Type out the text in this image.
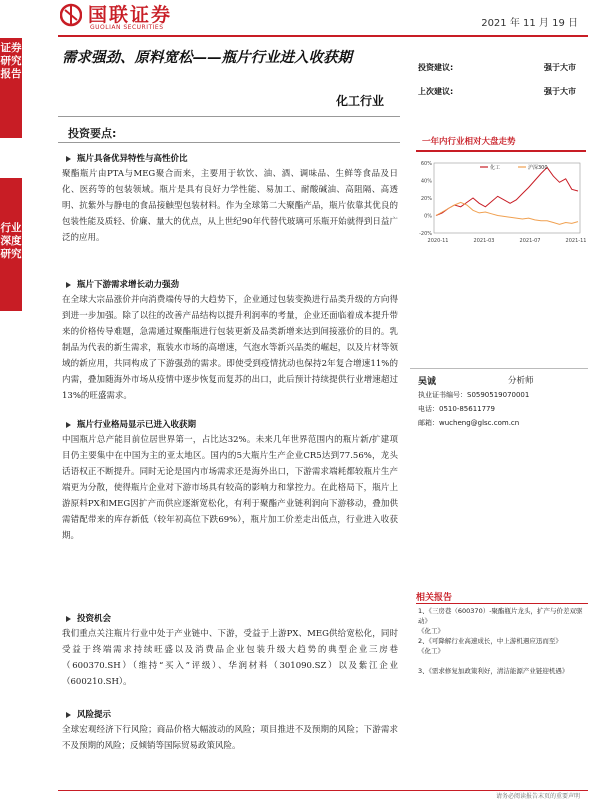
国联证券
GUOLIAN SECURITIES	2021 年 11 月 19 日
证券研究报告
行业深度研究
需求强劲、原料宽松——瓶片行业进入收获期
化工行业
投资建议:	强于大市
上次建议:	强于大市
投资要点:
瓶片具备优异特性与高性价比
聚酯瓶片由PTA与MEG聚合而来，主要用于软饮、油、酒、调味品、生鲜等食品及日化、医药等的包装领域。瓶片是具有良好力学性能、易加工、耐酸碱油、高阻隔、高透明、抗紫外与静电的食品接触型包装材料。作为全球第二大聚酯产品，瓶片依靠其优良的包装性能及质轻、价廉、量大的优点，从上世纪90年代替代玻璃可乐瓶开始就得到日益广泛的应用。
瓶片下游需求增长动力强劲
在全球大宗品涨价并向消费端传导的大趋势下，企业通过包装变换进行品类升级的方向得到进一步加强。除了以往的改善产品结构以提升利润率的考量，企业还面临着成本提升带来的价格传导难题，急需通过聚酯瓶进行包装更新及品类新增来达到间接涨价的目的。乳制品为代表的新生需求，瓶装水市场的高增速，气泡水等新兴品类的崛起，以及片材等领域的新应用，共同构成了下游强劲的需求。即使受到疫情扰动也保持2年复合增速11%的内需，叠加随海外市场从疫情中逐步恢复而复苏的出口，此后预计持续提供行业增速超过13%的旺盛需求。
瓶片行业格局显示已进入收获期
中国瓶片总产能目前位居世界第一，占比达32%。未来几年世界范围内的瓶片新/扩建项目仍主要集中在中国为主的亚太地区。国内的5大瓶片生产企业CR5达到77.56%，龙头话语权正不断提升。同时无论是国内市场需求还是海外出口，下游需求端耗都较瓶片生产端更为分散，使得瓶片企业对下游市场具有较高的影响力和掌控力。在此格局下，瓶片上游原料PX和MEG因扩产而供应逐渐宽松化，有利于聚酯产业链利润向下游移动，叠加供需错配带来的库存新低（较年初高位下跌69%），瓶片加工价差走出低点，行业进入收获期。
投资机会
我们重点关注瓶片行业中处于产业链中、下游，受益于上游PX、MEG供给宽松化，同时受益于终端需求持续旺盛以及消费品企业包装升级大趋势的典型企业三房巷（600370.SH）（维持“买入”评级）、华润材料（301090.SZ）以及紫江企业（600210.SH）。
风险提示
全球宏观经济下行风险；商品价格大幅波动的风险；项目推进不及预期的风险；下游需求不及预期的风险；反倾销等国际贸易政策风险。
一年内行业相对大盘走势
60%
40%
20%
0%
-20%
2020-11	2021-03	2021-07	2021-11
化工	沪深300
吴诚	分析师
执业证书编号：S0590519070001
电话：0510-85611779
邮箱：wucheng@glsc.com.cn
相关报告
1、《三房巷（600370）-聚酯瓶片龙头，扩产与价差双驱动》
《化工》
2、《可降解行业高速成长，中上游机遇应迅而至》
《化工》
3、《需求修复加政策利好，清洁能源产业链迎机遇》
请务必阅读报告末页的重要声明
